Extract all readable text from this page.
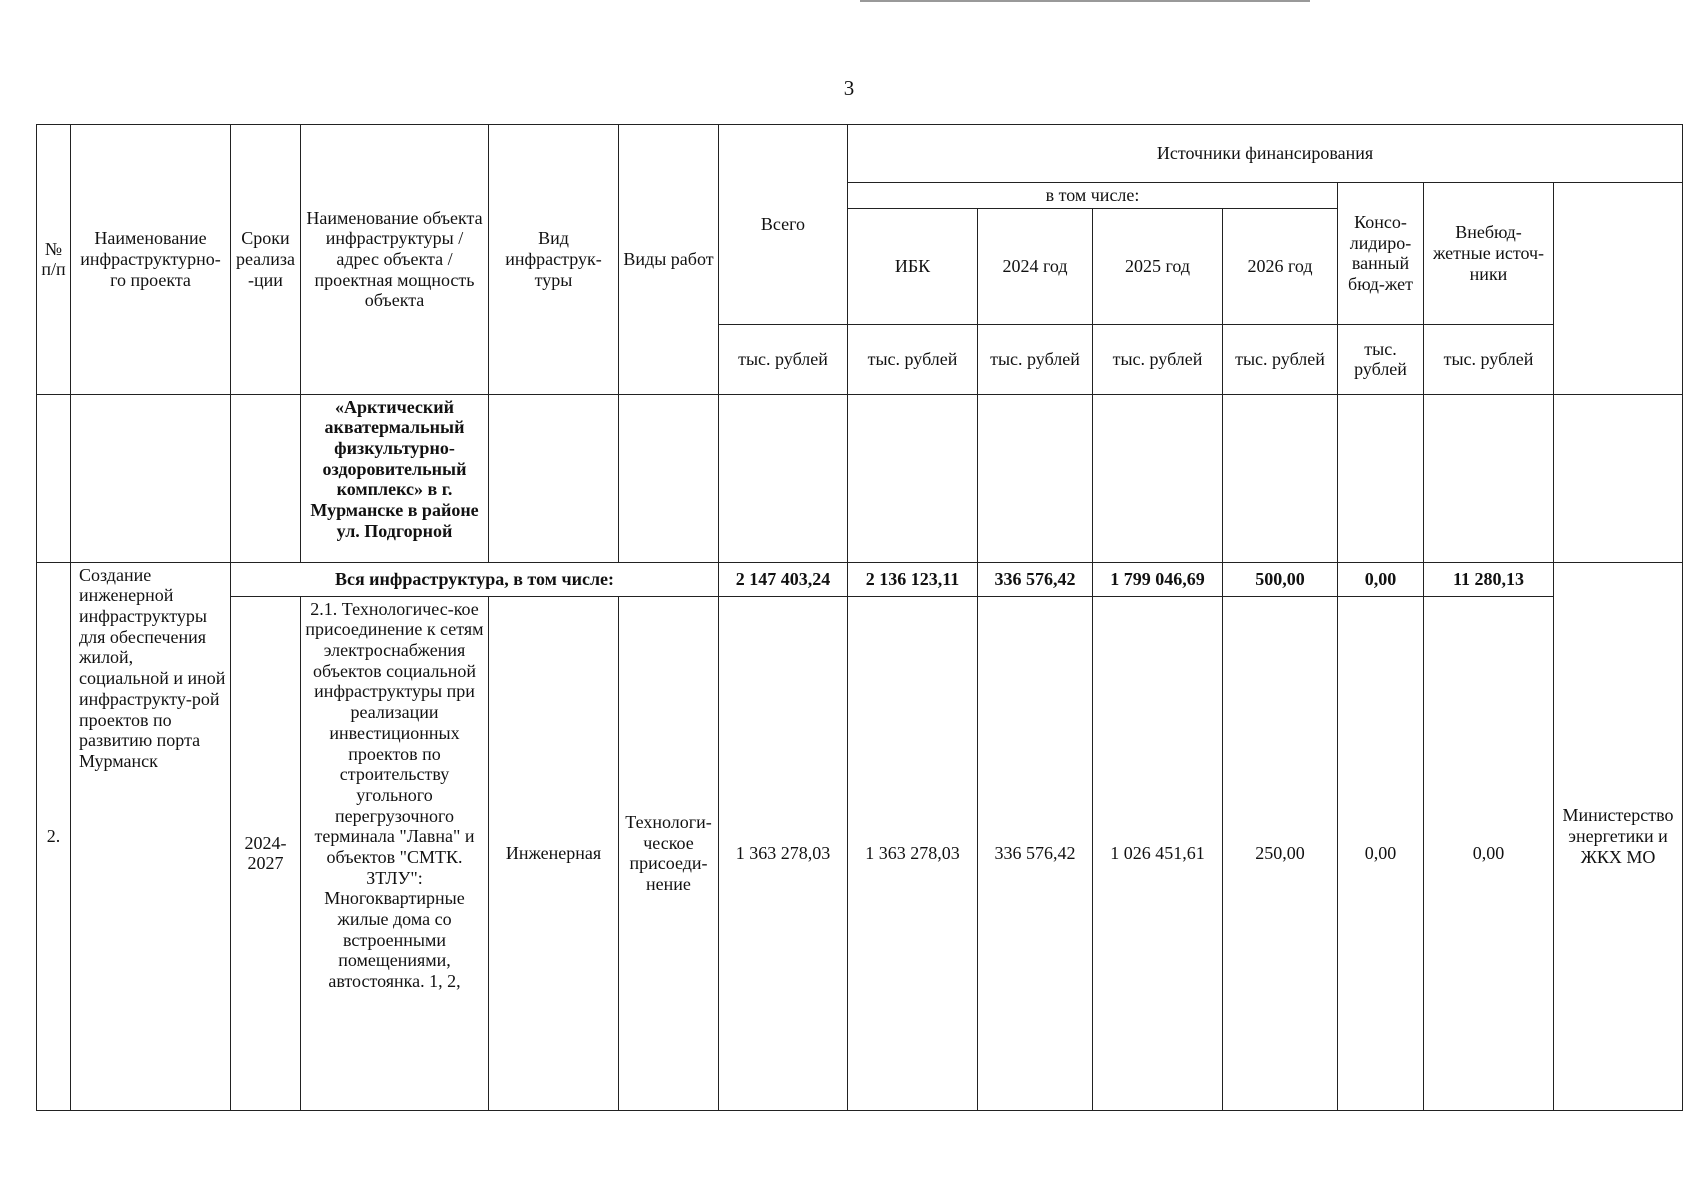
3
№ п/п	Наименование инфраструктурно-го проекта	Сроки реализа -ции	Наименование объекта инфраструктуры / адрес объекта / проектная мощность объекта	Вид инфраструк-туры	Виды работ	Всего	Источники финансирования	
							в том числе:				Консо-лидиро-ванный бюд-жет	Внебюд-жетные источ-ники		
							ИБК	2024 год	2025 год	2026 год				
						тыс. рублей	тыс. рублей	тыс. рублей	тыс. рублей	тыс. рублей	тыс. рублей	тыс. рублей		
			«Арктический акватермальный физкультурно-оздоровительный комплекс» в г. Мурманске в районе ул. Подгорной											
2.	Создание инженерной инфраструктуры для обеспечения жилой, социальной и иной инфраструкту-рой проектов по развитию порта Мурманск	Вся инфраструктура, в том числе:				2 147 403,24	2 136 123,11	336 576,42	1 799 046,69	500,00	0,00	11 280,13	Министерство энергетики и ЖКХ МО	
		2024-2027	2.1. Технологичес-кое присоединение к сетям электроснабжения объектов социальной инфраструктуры при реализации инвестиционных проектов по строительству угольного перегрузочного терминала "Лавна" и объектов "СМТК. ЗТЛУ": Многоквартирные жилые дома со встроенными помещениями, автостоянка. 1, 2,	Инженерная	Технологи-ческое присоеди-нение	1 363 278,03	1 363 278,03	336 576,42	1 026 451,61	250,00	0,00	0,00		
